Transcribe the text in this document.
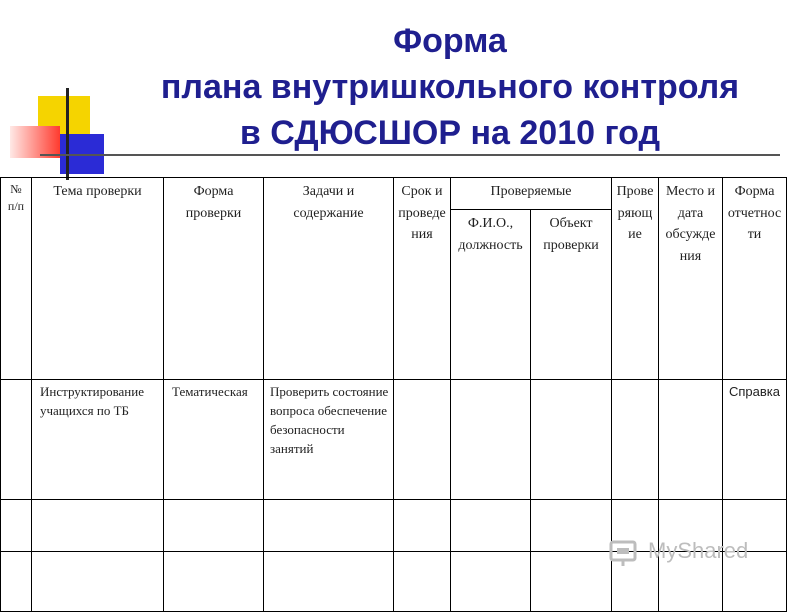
Форма
плана внутришкольного контроля
в СДЮСШОР на 2010 год
№ п/п	Тема проверки	Форма проверки	Задачи и содержание	Срок и проведения	Проверяемые		Проверяющие	Место и дата обсуждения	Форма отчетности
					Ф.И.О., должность	Объект проверки			
	Инструктирование учащихся по ТБ	Тематическая	Проверить состояние вопроса обеспечение безопасности занятий						Справка

MyShared
